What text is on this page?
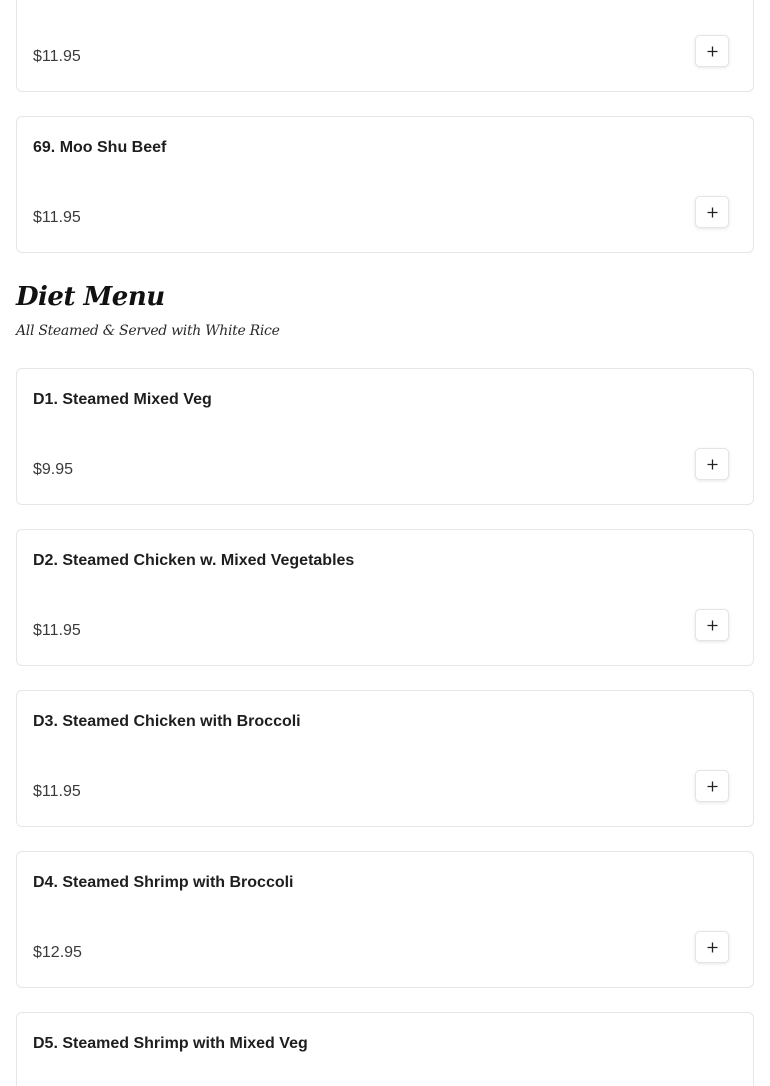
$11.95
69. Moo Shu Beef
$11.95
Diet Menu
All Steamed & Served with White Rice
D1. Steamed Mixed Veg
$9.95
D2. Steamed Chicken w. Mixed Vegetables
$11.95
D3. Steamed Chicken with Broccoli
$11.95
D4. Steamed Shrimp with Broccoli
$12.95
D5. Steamed Shrimp with Mixed Veg
